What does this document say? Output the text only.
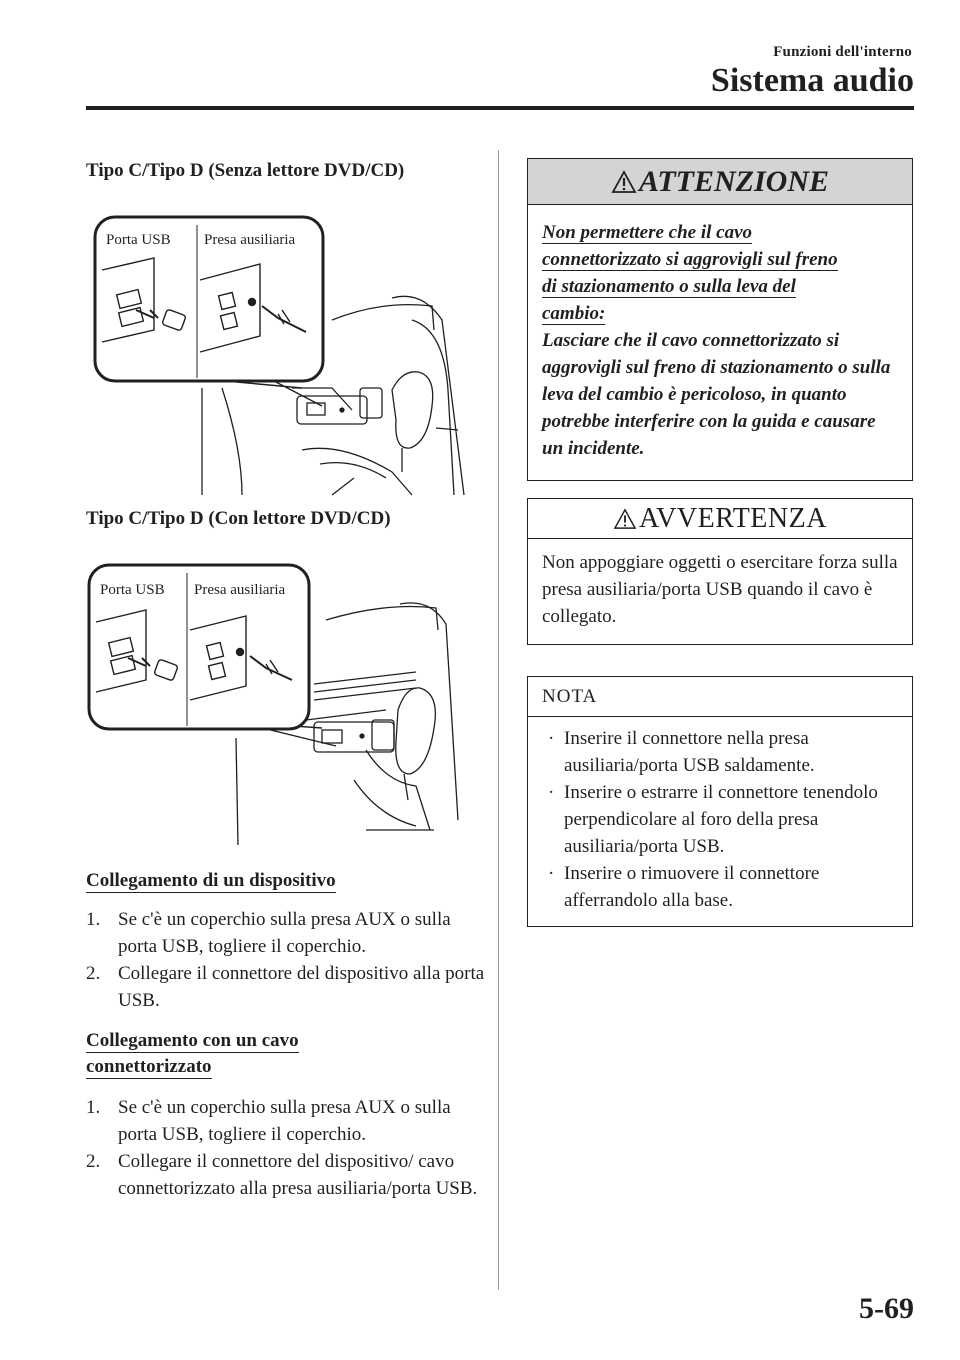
Funzioni dell'interno
Sistema audio
Tipo C/Tipo D (Senza lettore DVD/CD)
Porta USB Presa ausiliaria
Tipo C/Tipo D (Con lettore DVD/CD)
Porta USB Presa ausiliaria
Collegamento di un dispositivo
1. Se c'è un coperchio sulla presa AUX o sulla porta USB, togliere il coperchio.
2. Collegare il connettore del dispositivo alla porta USB.
Collegamento con un cavo
connettorizzato
1. Se c'è un coperchio sulla presa AUX o sulla porta USB, togliere il coperchio.
2. Collegare il connettore del dispositivo/ cavo connettorizzato alla presa ausiliaria/porta USB.
ATTENZIONE
Non permettere che il cavo
connettorizzato si aggrovigli sul freno
di stazionamento o sulla leva del
cambio:
Lasciare che il cavo connettorizzato si aggrovigli sul freno di stazionamento o sulla leva del cambio è pericoloso, in quanto potrebbe interferire con la guida e causare un incidente.
AVVERTENZA
Non appoggiare oggetti o esercitare forza sulla presa ausiliaria/porta USB quando il cavo è collegato.
NOTA
· Inserire il connettore nella presa ausiliaria/porta USB saldamente.
· Inserire o estrarre il connettore tenendolo perpendicolare al foro della presa ausiliaria/porta USB.
· Inserire o rimuovere il connettore afferrandolo alla base.
5-69
